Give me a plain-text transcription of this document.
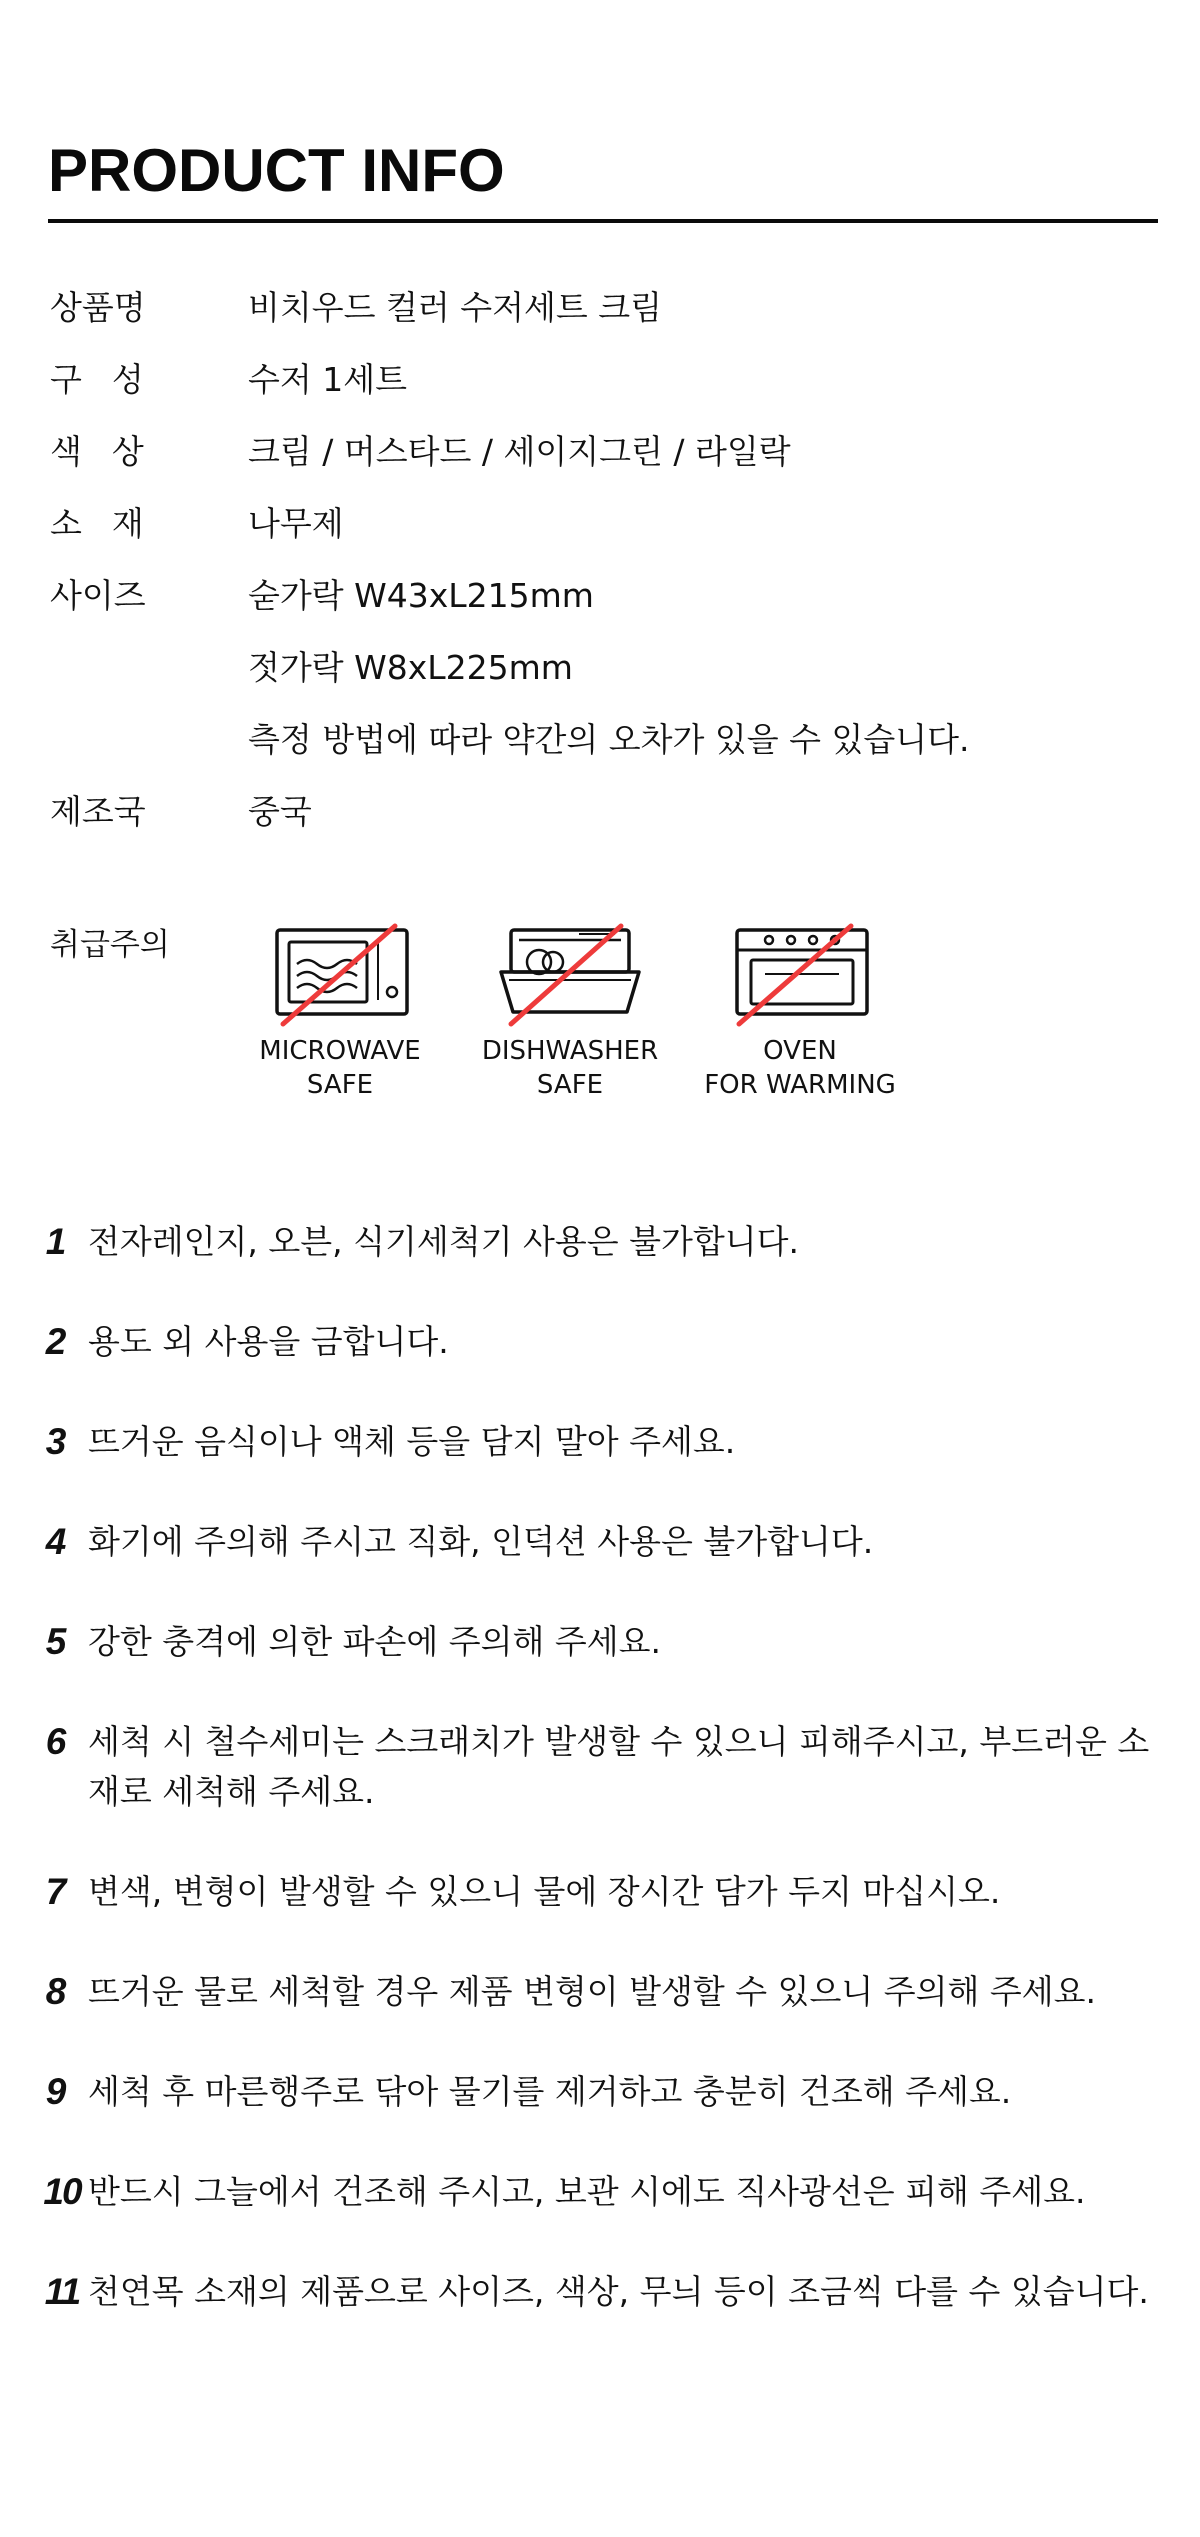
PRODUCT INFO
상품명	비치우드 컬러 수저세트 크림
구성 수저 1세트
색상 크림 / 머스타드 / 세이지그린 / 라일락
소재 나무제
사이즈	숟가락 W43xL215mm
젓가락 W8xL225mm
측정 방법에 따라 약간의 오차가 있을 수 있습니다.
제조국	중국
취급주의
MICROWAVE
SAFE
DISHWASHER
SAFE
OVEN
FOR WARMING
1 전자레인지, 오븐, 식기세척기 사용은 불가합니다.
2 용도 외 사용을 금합니다.
3 뜨거운 음식이나 액체 등을 담지 말아 주세요.
4 화기에 주의해 주시고 직화, 인덕션 사용은 불가합니다.
5 강한 충격에 의한 파손에 주의해 주세요.
6 세척 시 철수세미는 스크래치가 발생할 수 있으니 피해주시고, 부드러운 소재로 세척해 주세요.
7 변색, 변형이 발생할 수 있으니 물에 장시간 담가 두지 마십시오.
8 뜨거운 물로 세척할 경우 제품 변형이 발생할 수 있으니 주의해 주세요.
9 세척 후 마른행주로 닦아 물기를 제거하고 충분히 건조해 주세요.
10 반드시 그늘에서 건조해 주시고, 보관 시에도 직사광선은 피해 주세요.
11 천연목 소재의 제품으로 사이즈, 색상, 무늬 등이 조금씩 다를 수 있습니다.
